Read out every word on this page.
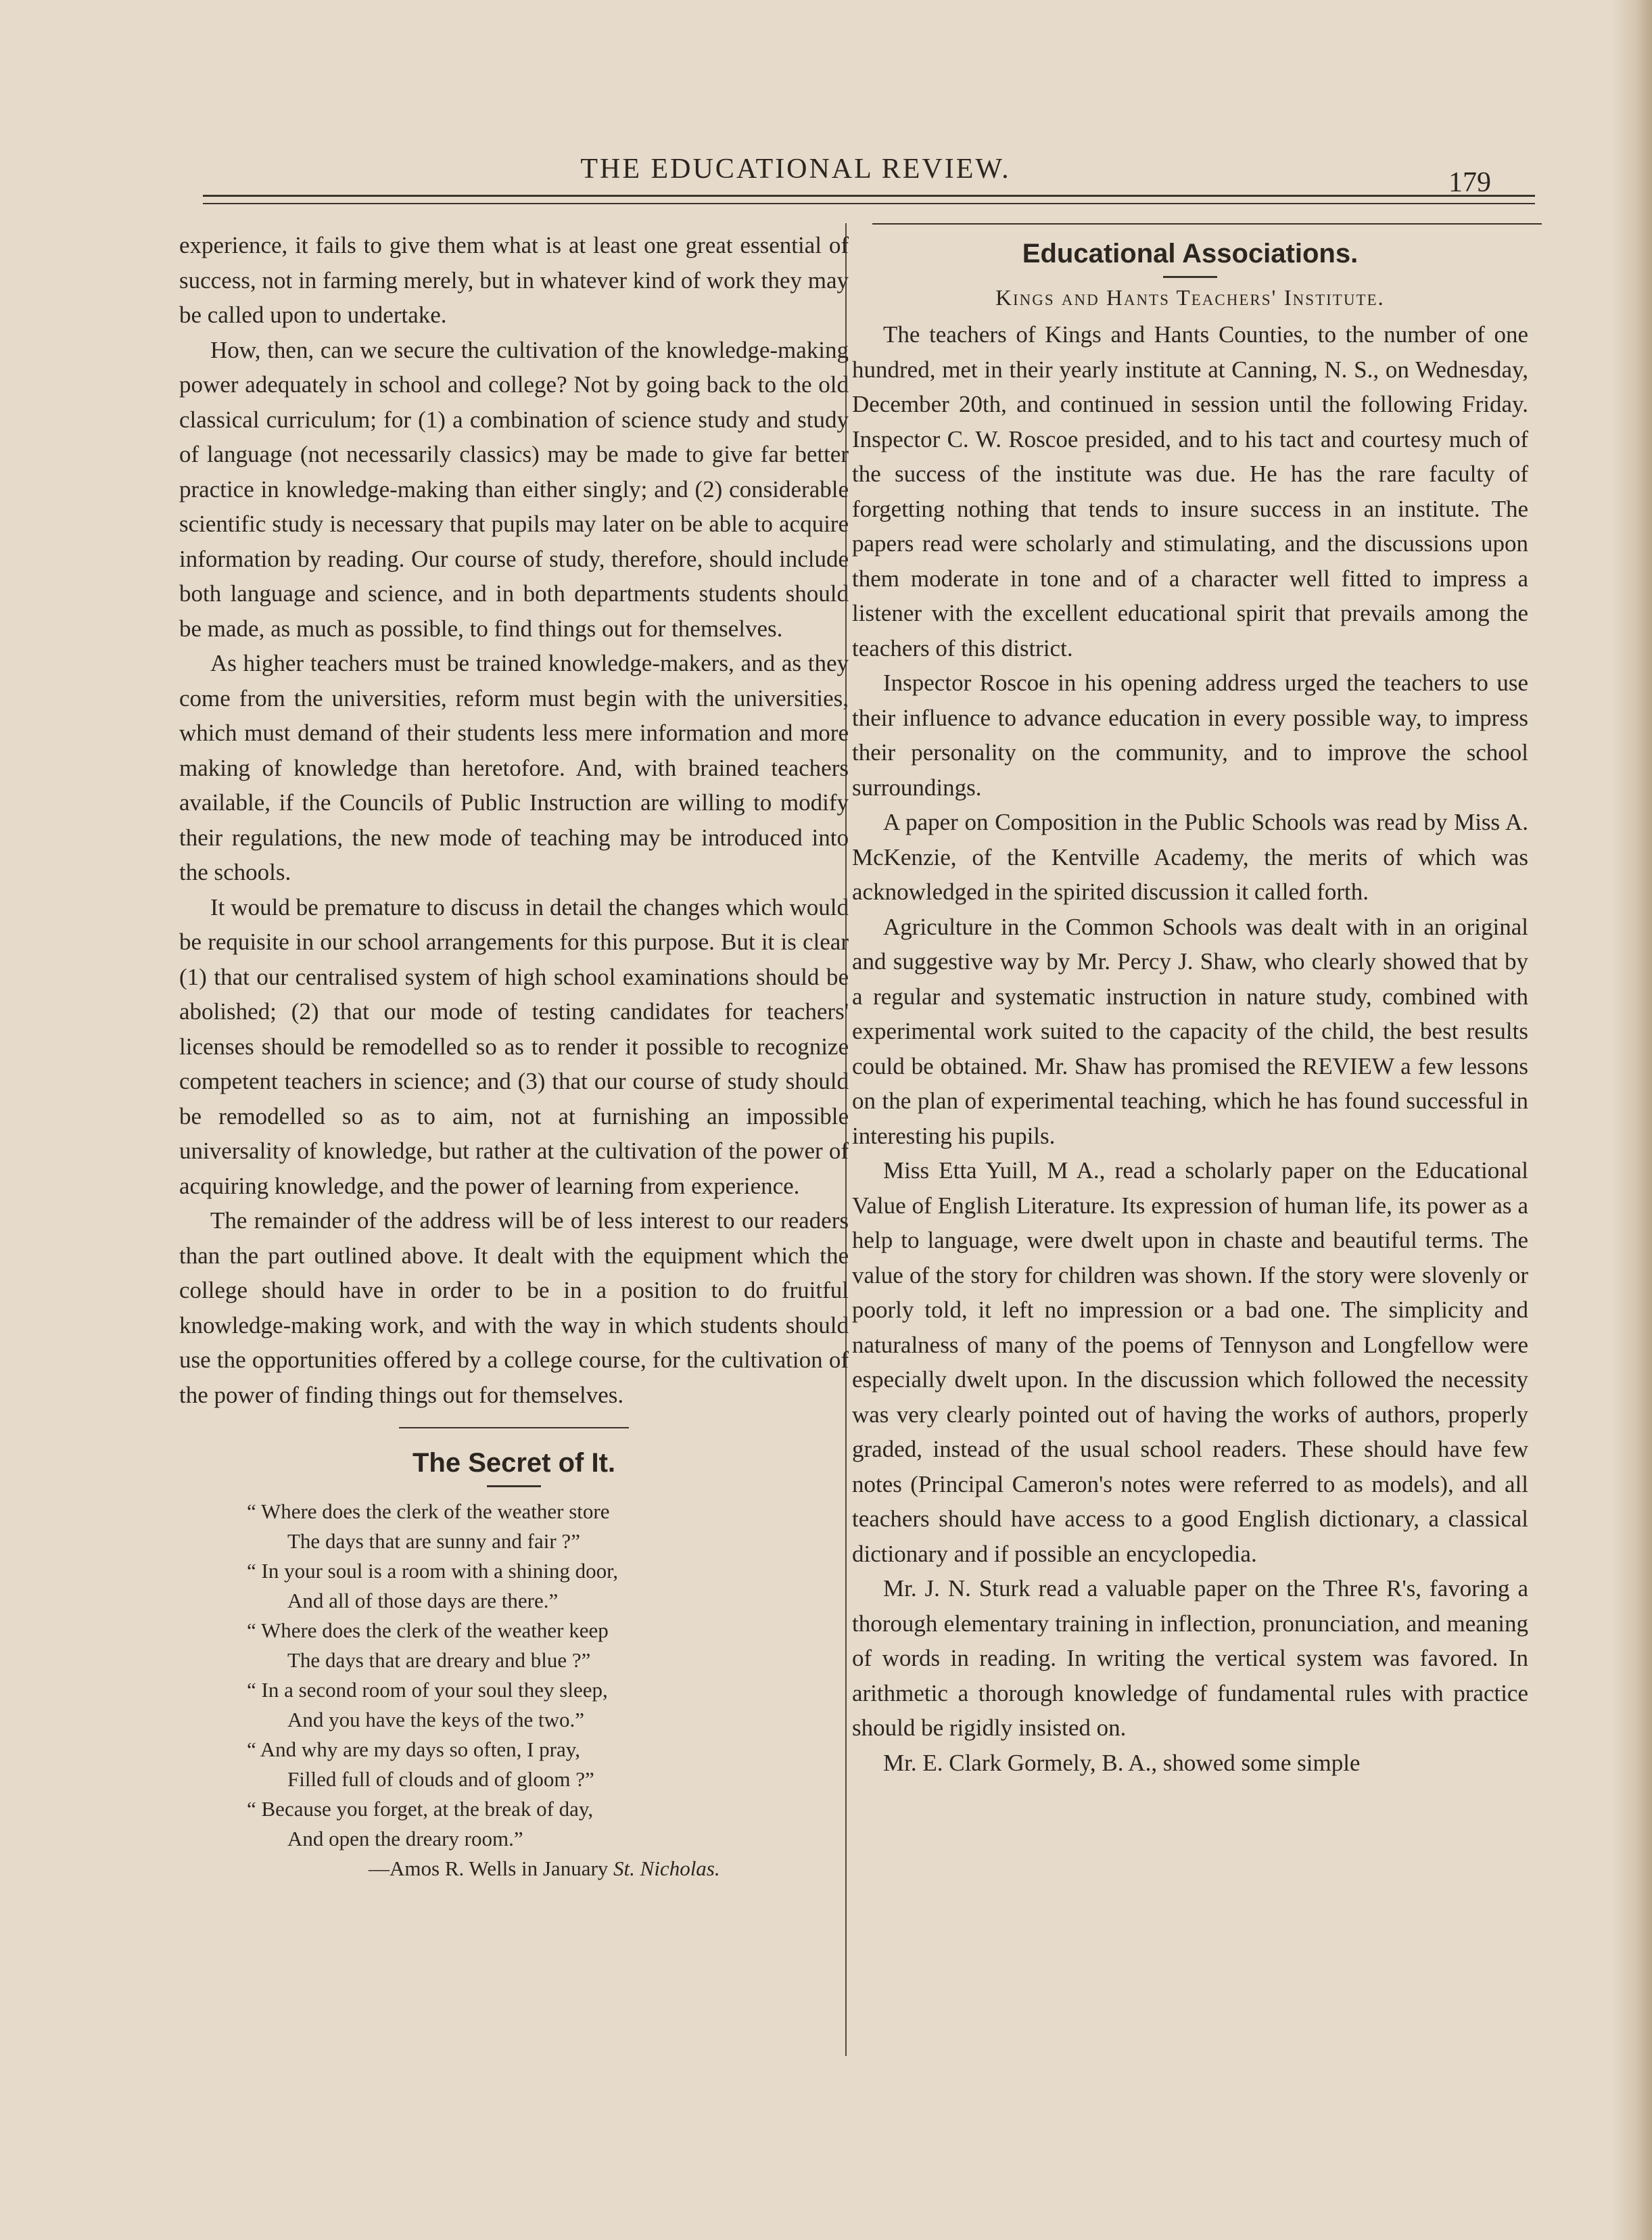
THE EDUCATIONAL REVIEW.	179

experience, it fails to give them what is at least one great essential of success, not in farming merely, but in whatever kind of work they may be called upon to undertake.

How, then, can we secure the cultivation of the knowledge-making power adequately in school and college? Not by going back to the old classical curriculum; for (1) a combination of science study and study of language (not necessarily classics) may be made to give far better practice in knowledge-making than either singly; and (2) considerable scientific study is necessary that pupils may later on be able to acquire information by reading. Our course of study, therefore, should include both language and science, and in both departments students should be made, as much as possible, to find things out for themselves.

As higher teachers must be trained knowledge-makers, and as they come from the universities, reform must begin with the universities, which must demand of their students less mere information and more making of knowledge than heretofore. And, with brained teachers available, if the Councils of Public Instruction are willing to modify their regulations, the new mode of teaching may be introduced into the schools.

It would be premature to discuss in detail the changes which would be requisite in our school arrangements for this purpose. But it is clear (1) that our centralised system of high school examinations should be abolished; (2) that our mode of testing candidates for teachers' licenses should be remodelled so as to render it possible to recognize competent teachers in science; and (3) that our course of study should be remodelled so as to aim, not at furnishing an impossible universality of knowledge, but rather at the cultivation of the power of acquiring knowledge, and the power of learning from experience.

The remainder of the address will be of less interest to our readers than the part outlined above. It dealt with the equipment which the college should have in order to be in a position to do fruitful knowledge-making work, and with the way in which students should use the opportunities offered by a college course, for the cultivation of the power of finding things out for themselves.

The Secret of It.
“ Where does the clerk of the weather store
The days that are sunny and fair ?”
“ In your soul is a room with a shining door,
And all of those days are there.”
“ Where does the clerk of the weather keep
The days that are dreary and blue ?”
“ In a second room of your soul they sleep,
And you have the keys of the two.”
“ And why are my days so often, I pray,
Filled full of clouds and of gloom ?”
“ Because you forget, at the break of day,
And open the dreary room.”
—Amos R. Wells in January St. Nicholas.
Educational Associations.
Kings and Hants Teachers' Institute.

The teachers of Kings and Hants Counties, to the number of one hundred, met in their yearly institute at Canning, N. S., on Wednesday, December 20th, and continued in session until the following Friday. Inspector C. W. Roscoe presided, and to his tact and courtesy much of the success of the institute was due. He has the rare faculty of forgetting nothing that tends to insure success in an institute. The papers read were scholarly and stimulating, and the discussions upon them moderate in tone and of a character well fitted to impress a listener with the excellent educational spirit that prevails among the teachers of this district.

Inspector Roscoe in his opening address urged the teachers to use their influence to advance education in every possible way, to impress their personality on the community, and to improve the school surroundings.

A paper on Composition in the Public Schools was read by Miss A. McKenzie, of the Kentville Academy, the merits of which was acknowledged in the spirited discussion it called forth.

Agriculture in the Common Schools was dealt with in an original and suggestive way by Mr. Percy J. Shaw, who clearly showed that by a regular and systematic instruction in nature study, combined with experimental work suited to the capacity of the child, the best results could be obtained. Mr. Shaw has promised the REVIEW a few lessons on the plan of experimental teaching, which he has found successful in interesting his pupils.

Miss Etta Yuill, M A., read a scholarly paper on the Educational Value of English Literature. Its expression of human life, its power as a help to language, were dwelt upon in chaste and beautiful terms. The value of the story for children was shown. If the story were slovenly or poorly told, it left no impression or a bad one. The simplicity and naturalness of many of the poems of Tennyson and Longfellow were especially dwelt upon. In the discussion which followed the necessity was very clearly pointed out of having the works of authors, properly graded, instead of the usual school readers. These should have few notes (Principal Cameron's notes were referred to as models), and all teachers should have access to a good English dictionary, a classical dictionary and if possible an encyclopedia.

Mr. J. N. Sturk read a valuable paper on the Three R's, favoring a thorough elementary training in inflection, pronunciation, and meaning of words in reading. In writing the vertical system was favored. In arithmetic a thorough knowledge of fundamental rules with practice should be rigidly insisted on.

Mr. E. Clark Gormely, B. A., showed some simple
